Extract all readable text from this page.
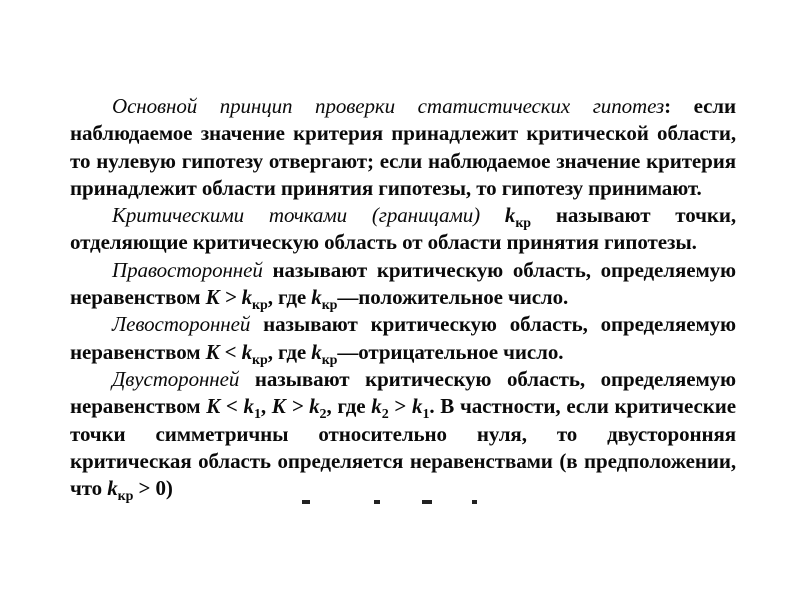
Основной принцип проверки статистических гипотез: если наблюдаемое значение критерия принадлежит критической области, то нулевую гипотезу отвергают; если наблюдаемое значение критерия принадлежит области принятия гипотезы, то гипотезу принимают.

Критическими точками (границами) $k_{кр}$ называют точки, отделяющие критическую область от области принятия гипотезы.

Правосторонней называют критическую область, определяемую неравенством $K > k_{кр}$, где $k_{кр}—положительное$ число.

Левосторонней называют критическую область, определяемую неравенством $K < k_{кр}$, где $k_{кр}—отрицательное$ число.

Двусторонней называют критическую область, определяемую неравенством $K < k_1$, $K > k_2$, где $k_2 > k_1$. В частности, если критические точки симметричны относительно нуля, то двусторонняя критическая область определяется неравенствами (в предположении, что $k_{кр} > 0$)
